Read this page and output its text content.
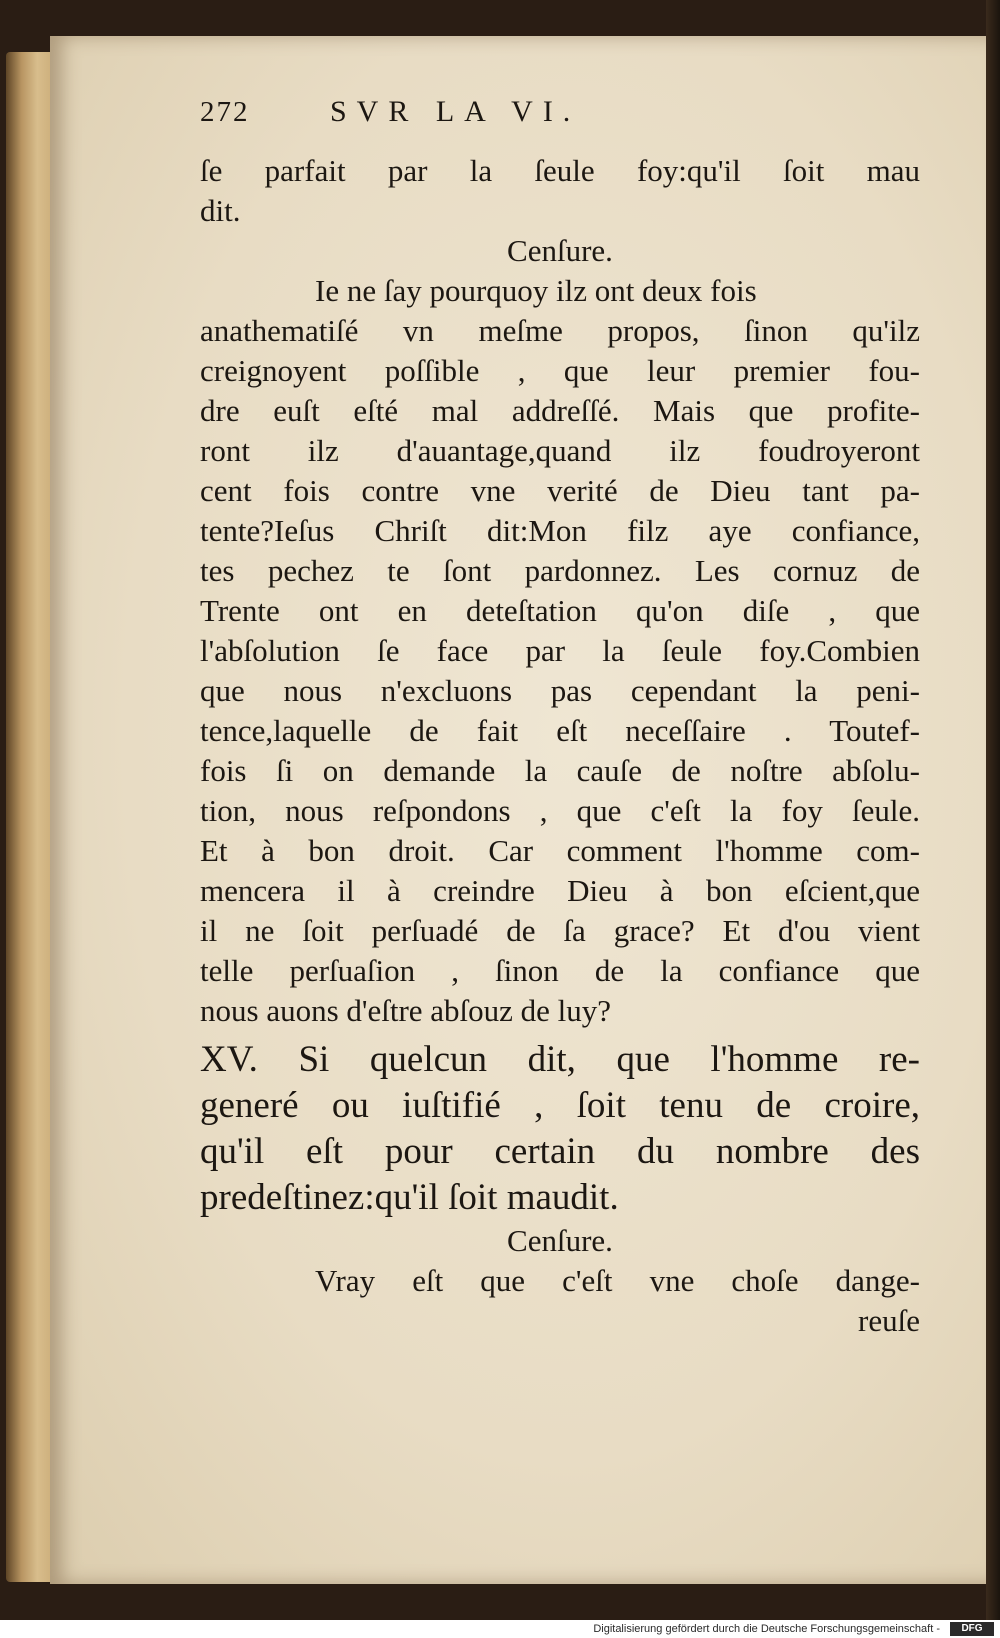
272	SVR LA VI.
ſe parfait par la ſeule foy:qu'il ſoit mau
dit.
Cenſure.
Ie ne ſay pourquoy ilz ont deux fois
anathematiſé vn meſme propos, ſinon qu'ilz
creignoyent poſſible , que leur premier fou-
dre euſt eſté mal addreſſé. Mais que profite-
ront ilz d'auantage,quand ilz foudroyeront
cent fois contre vne verité de Dieu tant pa-
tente?Ieſus Chriſt dit:Mon filz aye confiance,
tes pechez te ſont pardonnez. Les cornuz de
Trente ont en deteſtation qu'on diſe , que
l'abſolution ſe face par la ſeule foy.Combien
que nous n'excluons pas cependant la peni-
tence,laquelle de fait eſt neceſſaire . Toutef-
fois ſi on demande la cauſe de noſtre abſolu-
tion, nous reſpondons , que c'eſt la foy ſeule.
Et à bon droit. Car comment l'homme com-
mencera il à creindre Dieu à bon eſcient,que
il ne ſoit perſuadé de ſa grace? Et d'ou vient
telle perſuaſion , ſinon de la confiance que
nous auons d'eſtre abſouz de luy?
XV. Si quelcun dit, que l'homme re-
generé ou iuſtifié , ſoit tenu de croire,
qu'il eſt pour certain du nombre des
predeſtinez:qu'il ſoit maudit.
Cenſure.
Vray eſt que c'eſt vne choſe dange-
reuſe
Digitalisierung gefördert durch die Deutsche Forschungsgemeinschaft -	DFG
